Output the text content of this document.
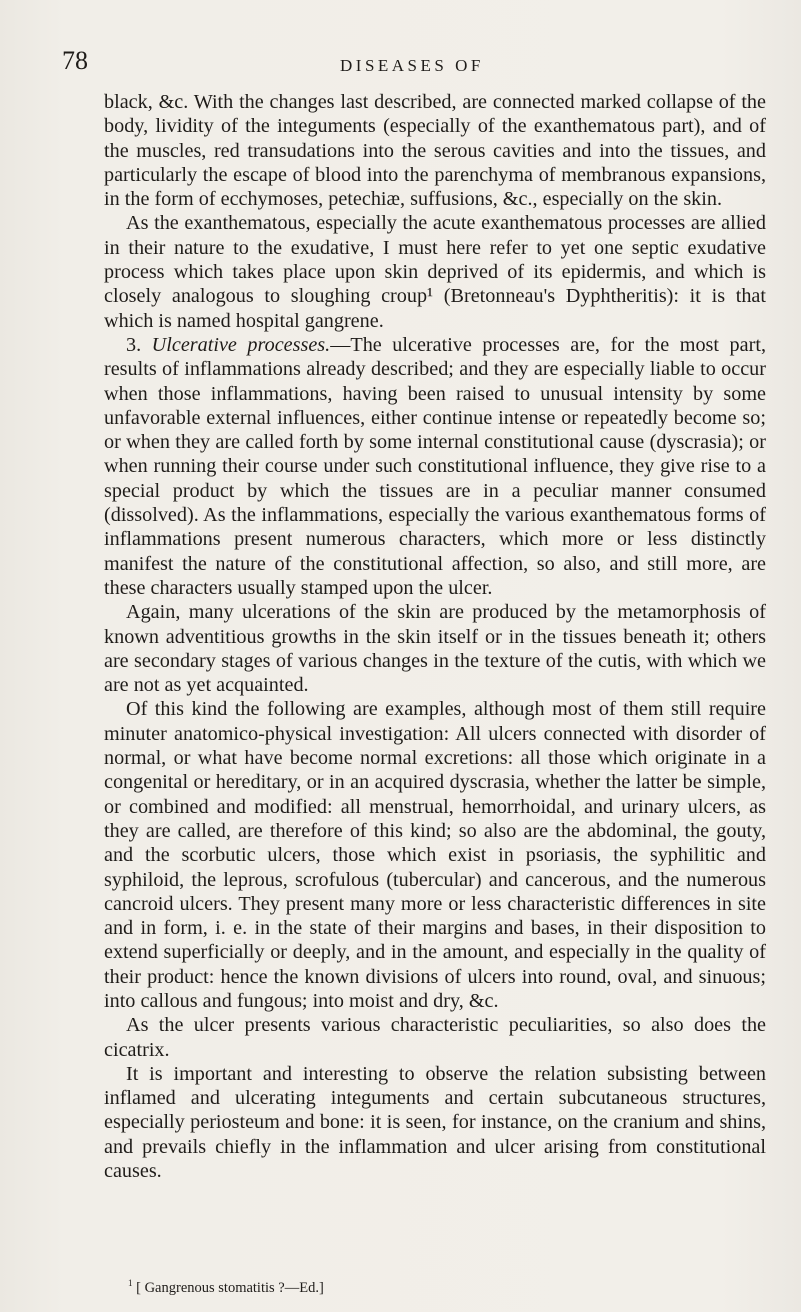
78	DISEASES OF

black, &c. With the changes last described, are connected marked collapse of the body, lividity of the integuments (especially of the exanthematous part), and of the muscles, red transudations into the serous cavities and into the tissues, and particularly the escape of blood into the parenchyma of membranous expansions, in the form of ecchymoses, petechiæ, suffusions, &c., especially on the skin.

As the exanthematous, especially the acute exanthematous processes are allied in their nature to the exudative, I must here refer to yet one septic exudative process which takes place upon skin deprived of its epidermis, and which is closely analogous to sloughing croup¹ (Bretonneau's Dyphtheritis): it is that which is named hospital gangrene.

3. Ulcerative processes.—The ulcerative processes are, for the most part, results of inflammations already described; and they are especially liable to occur when those inflammations, having been raised to unusual intensity by some unfavorable external influences, either continue intense or repeatedly become so; or when they are called forth by some internal constitutional cause (dyscrasia); or when running their course under such constitutional influence, they give rise to a special product by which the tissues are in a peculiar manner consumed (dissolved). As the inflammations, especially the various exanthematous forms of inflammations present numerous characters, which more or less distinctly manifest the nature of the constitutional affection, so also, and still more, are these characters usually stamped upon the ulcer.

Again, many ulcerations of the skin are produced by the metamorphosis of known adventitious growths in the skin itself or in the tissues beneath it; others are secondary stages of various changes in the texture of the cutis, with which we are not as yet acquainted.

Of this kind the following are examples, although most of them still require minuter anatomico-physical investigation: All ulcers connected with disorder of normal, or what have become normal excretions: all those which originate in a congenital or hereditary, or in an acquired dyscrasia, whether the latter be simple, or combined and modified: all menstrual, hemorrhoidal, and urinary ulcers, as they are called, are therefore of this kind; so also are the abdominal, the gouty, and the scorbutic ulcers, those which exist in psoriasis, the syphilitic and syphiloid, the leprous, scrofulous (tubercular) and cancerous, and the numerous cancroid ulcers. They present many more or less characteristic differences in site and in form, i. e. in the state of their margins and bases, in their disposition to extend superficially or deeply, and in the amount, and especially in the quality of their product: hence the known divisions of ulcers into round, oval, and sinuous; into callous and fungous; into moist and dry, &c.

As the ulcer presents various characteristic peculiarities, so also does the cicatrix.

It is important and interesting to observe the relation subsisting between inflamed and ulcerating integuments and certain subcutaneous structures, especially periosteum and bone: it is seen, for instance, on the cranium and shins, and prevails chiefly in the inflammation and ulcer arising from constitutional causes.

$^1$ [ Gangrenous stomatitis ?—Ed.]
